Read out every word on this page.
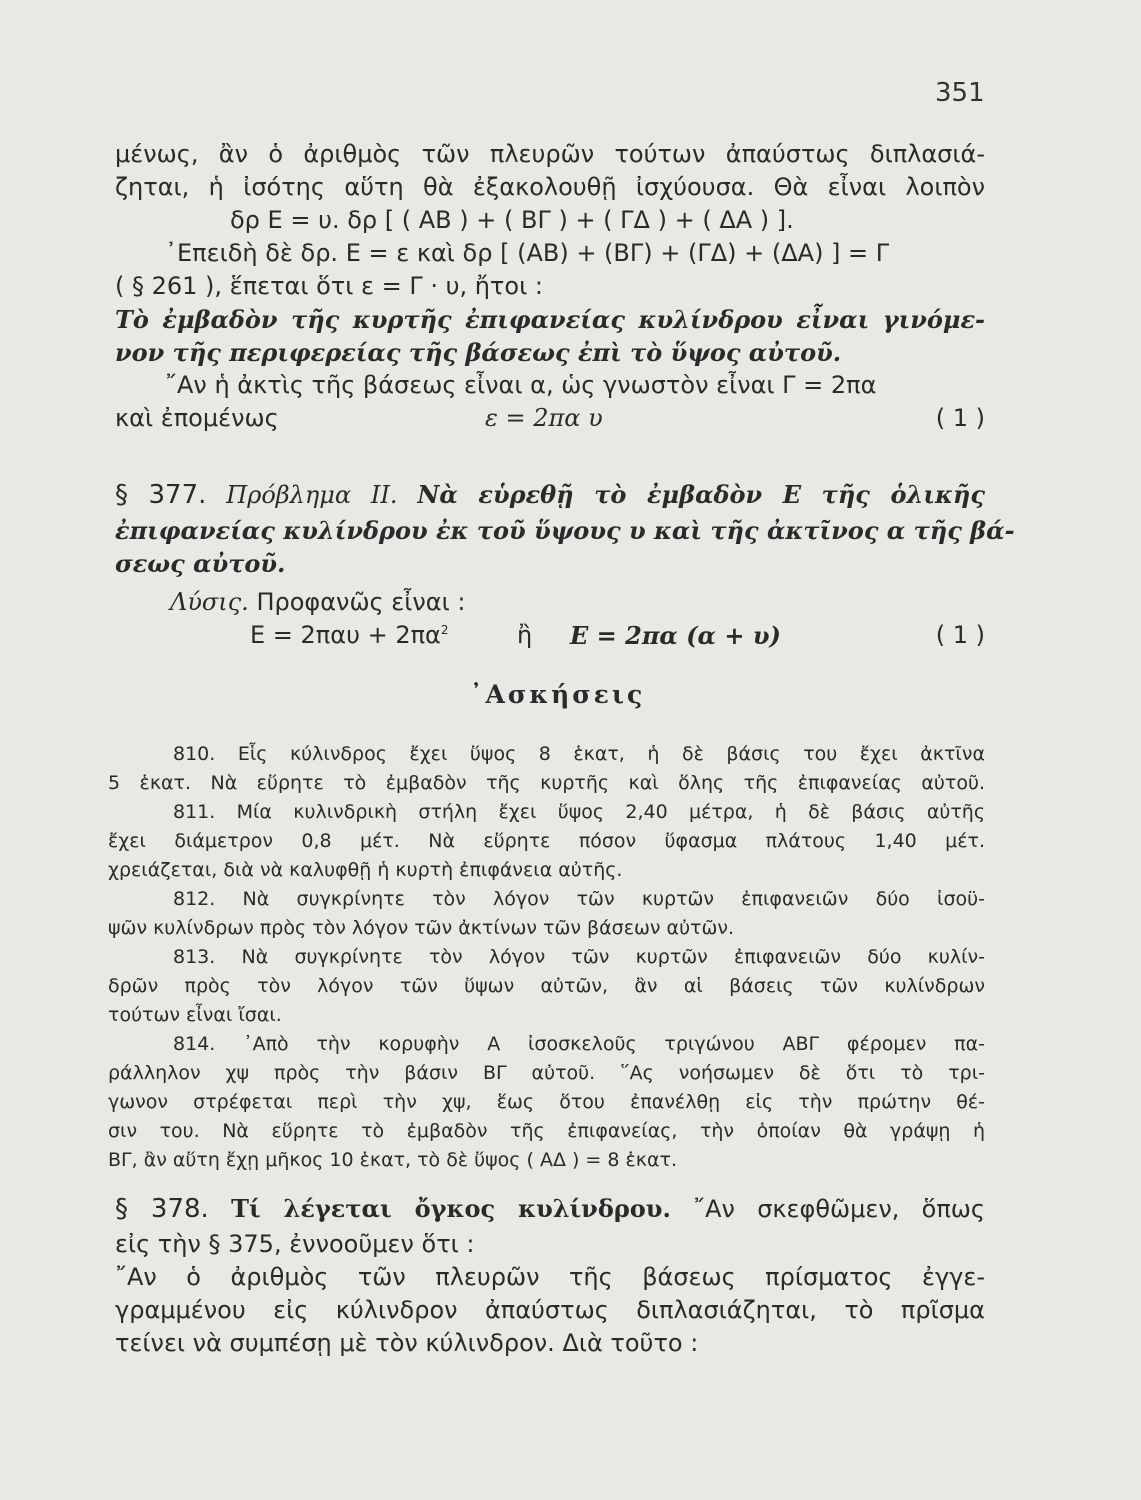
351
μένως, ἂν ὁ ἀριθμὸς τῶν πλευρῶν τούτων ἀπαύστως διπλασιά-
ζηται, ἡ ἰσότης αὕτη θὰ ἐξακολουθῇ ἰσχύουσα. Θὰ εἶναι λοιπὸν
δρ Ε = υ. δρ [ ( ΑΒ ) + ( ΒΓ ) + ( ΓΔ ) + ( ΔΑ ) ].
᾿Επειδὴ δὲ δρ. Ε = ε καὶ δρ [ (ΑΒ) + (ΒΓ) + (ΓΔ) + (ΔΑ) ] = Γ
( § 261 ), ἕπεται ὅτι ε = Γ · υ, ἤτοι :
Τὸ ἐμβαδὸν τῆς κυρτῆς ἐπιφανείας κυλίνδρου εἶναι γινόμε-
νον τῆς περιφερείας τῆς βάσεως ἐπὶ τὸ ὕψος αὐτοῦ.
῎Αν ἡ ἀκτὶς τῆς βάσεως εἶναι α, ὡς γνωστὸν εἶναι Γ = 2πα
καὶ ἐπομένως	ε = 2πα υ	( 1 )
§ 377. Πρόβλημα ΙΙ. Νὰ εὑρεθῇ τὸ ἐμβαδὸν Ε τῆς ὁλικῆς
ἐπιφανείας κυλίνδρου ἐκ τοῦ ὕψους υ καὶ τῆς ἀκτῖνος α τῆς βά-
σεως αὐτοῦ.
Λύσις. Προφανῶς εἶναι :
$E = 2\pi\alpha\upsilon + 2\pi\alpha^2$	ἢ Ε = 2πα (α + υ)	( 1 )
᾿Ασκήσεις
810. Εἷς κύλινδρος ἔχει ὕψος 8 ἑκατ, ἡ δὲ βάσις του ἔχει ἀκτῖνα
5 ἑκατ. Νὰ εὕρητε τὸ ἐμβαδὸν τῆς κυρτῆς καὶ ὅλης τῆς ἐπιφανείας αὐτοῦ.
811. Μία κυλινδρικὴ στήλη ἔχει ὕψος 2,40 μέτρα, ἡ δὲ βάσις αὐτῆς
ἔχει διάμετρον 0,8 μέτ. Νὰ εὕρητε πόσον ὕφασμα πλάτους 1,40 μέτ.
χρειάζεται, διὰ νὰ καλυφθῇ ἡ κυρτὴ ἐπιφάνεια αὐτῆς.
812. Νὰ συγκρίνητε τὸν λόγον τῶν κυρτῶν ἐπιφανειῶν δύο ἰσοϋ-
ψῶν κυλίνδρων πρὸς τὸν λόγον τῶν ἀκτίνων τῶν βάσεων αὐτῶν.
813. Νὰ συγκρίνητε τὸν λόγον τῶν κυρτῶν ἐπιφανειῶν δύο κυλίν-
δρῶν πρὸς τὸν λόγον τῶν ὕψων αὐτῶν, ἂν αἱ βάσεις τῶν κυλίνδρων
τούτων εἶναι ἴσαι.
814. ᾿Απὸ τὴν κορυφὴν Α ἰσοσκελοῦς τριγώνου ΑΒΓ φέρομεν πα-
ράλληλον χψ πρὸς τὴν βάσιν ΒΓ αὐτοῦ. ῞Ας νοήσωμεν δὲ ὅτι τὸ τρι-
γωνον στρέφεται περὶ τὴν χψ, ἕως ὅτου ἐπανέλθῃ εἰς τὴν πρώτην θέ-
σιν του. Νὰ εὕρητε τὸ ἐμβαδὸν τῆς ἐπιφανείας, τὴν ὁποίαν θὰ γράψῃ ἡ
ΒΓ, ἂν αὕτη ἔχῃ μῆκος 10 ἑκατ, τὸ δὲ ὕψος ( ΑΔ ) = 8 ἑκατ.
§ 378. Τί λέγεται ὄγκος κυλίνδρου. ῎Αν σκεφθῶμεν, ὅπως
εἰς τὴν § 375, ἐννοοῦμεν ὅτι :
῎Αν ὁ ἀριθμὸς τῶν πλευρῶν τῆς βάσεως πρίσματος ἐγγε-
γραμμένου εἰς κύλινδρον ἀπαύστως διπλασιάζηται, τὸ πρῖσμα
τείνει νὰ συμπέσῃ μὲ τὸν κύλινδρον. Διὰ τοῦτο :
